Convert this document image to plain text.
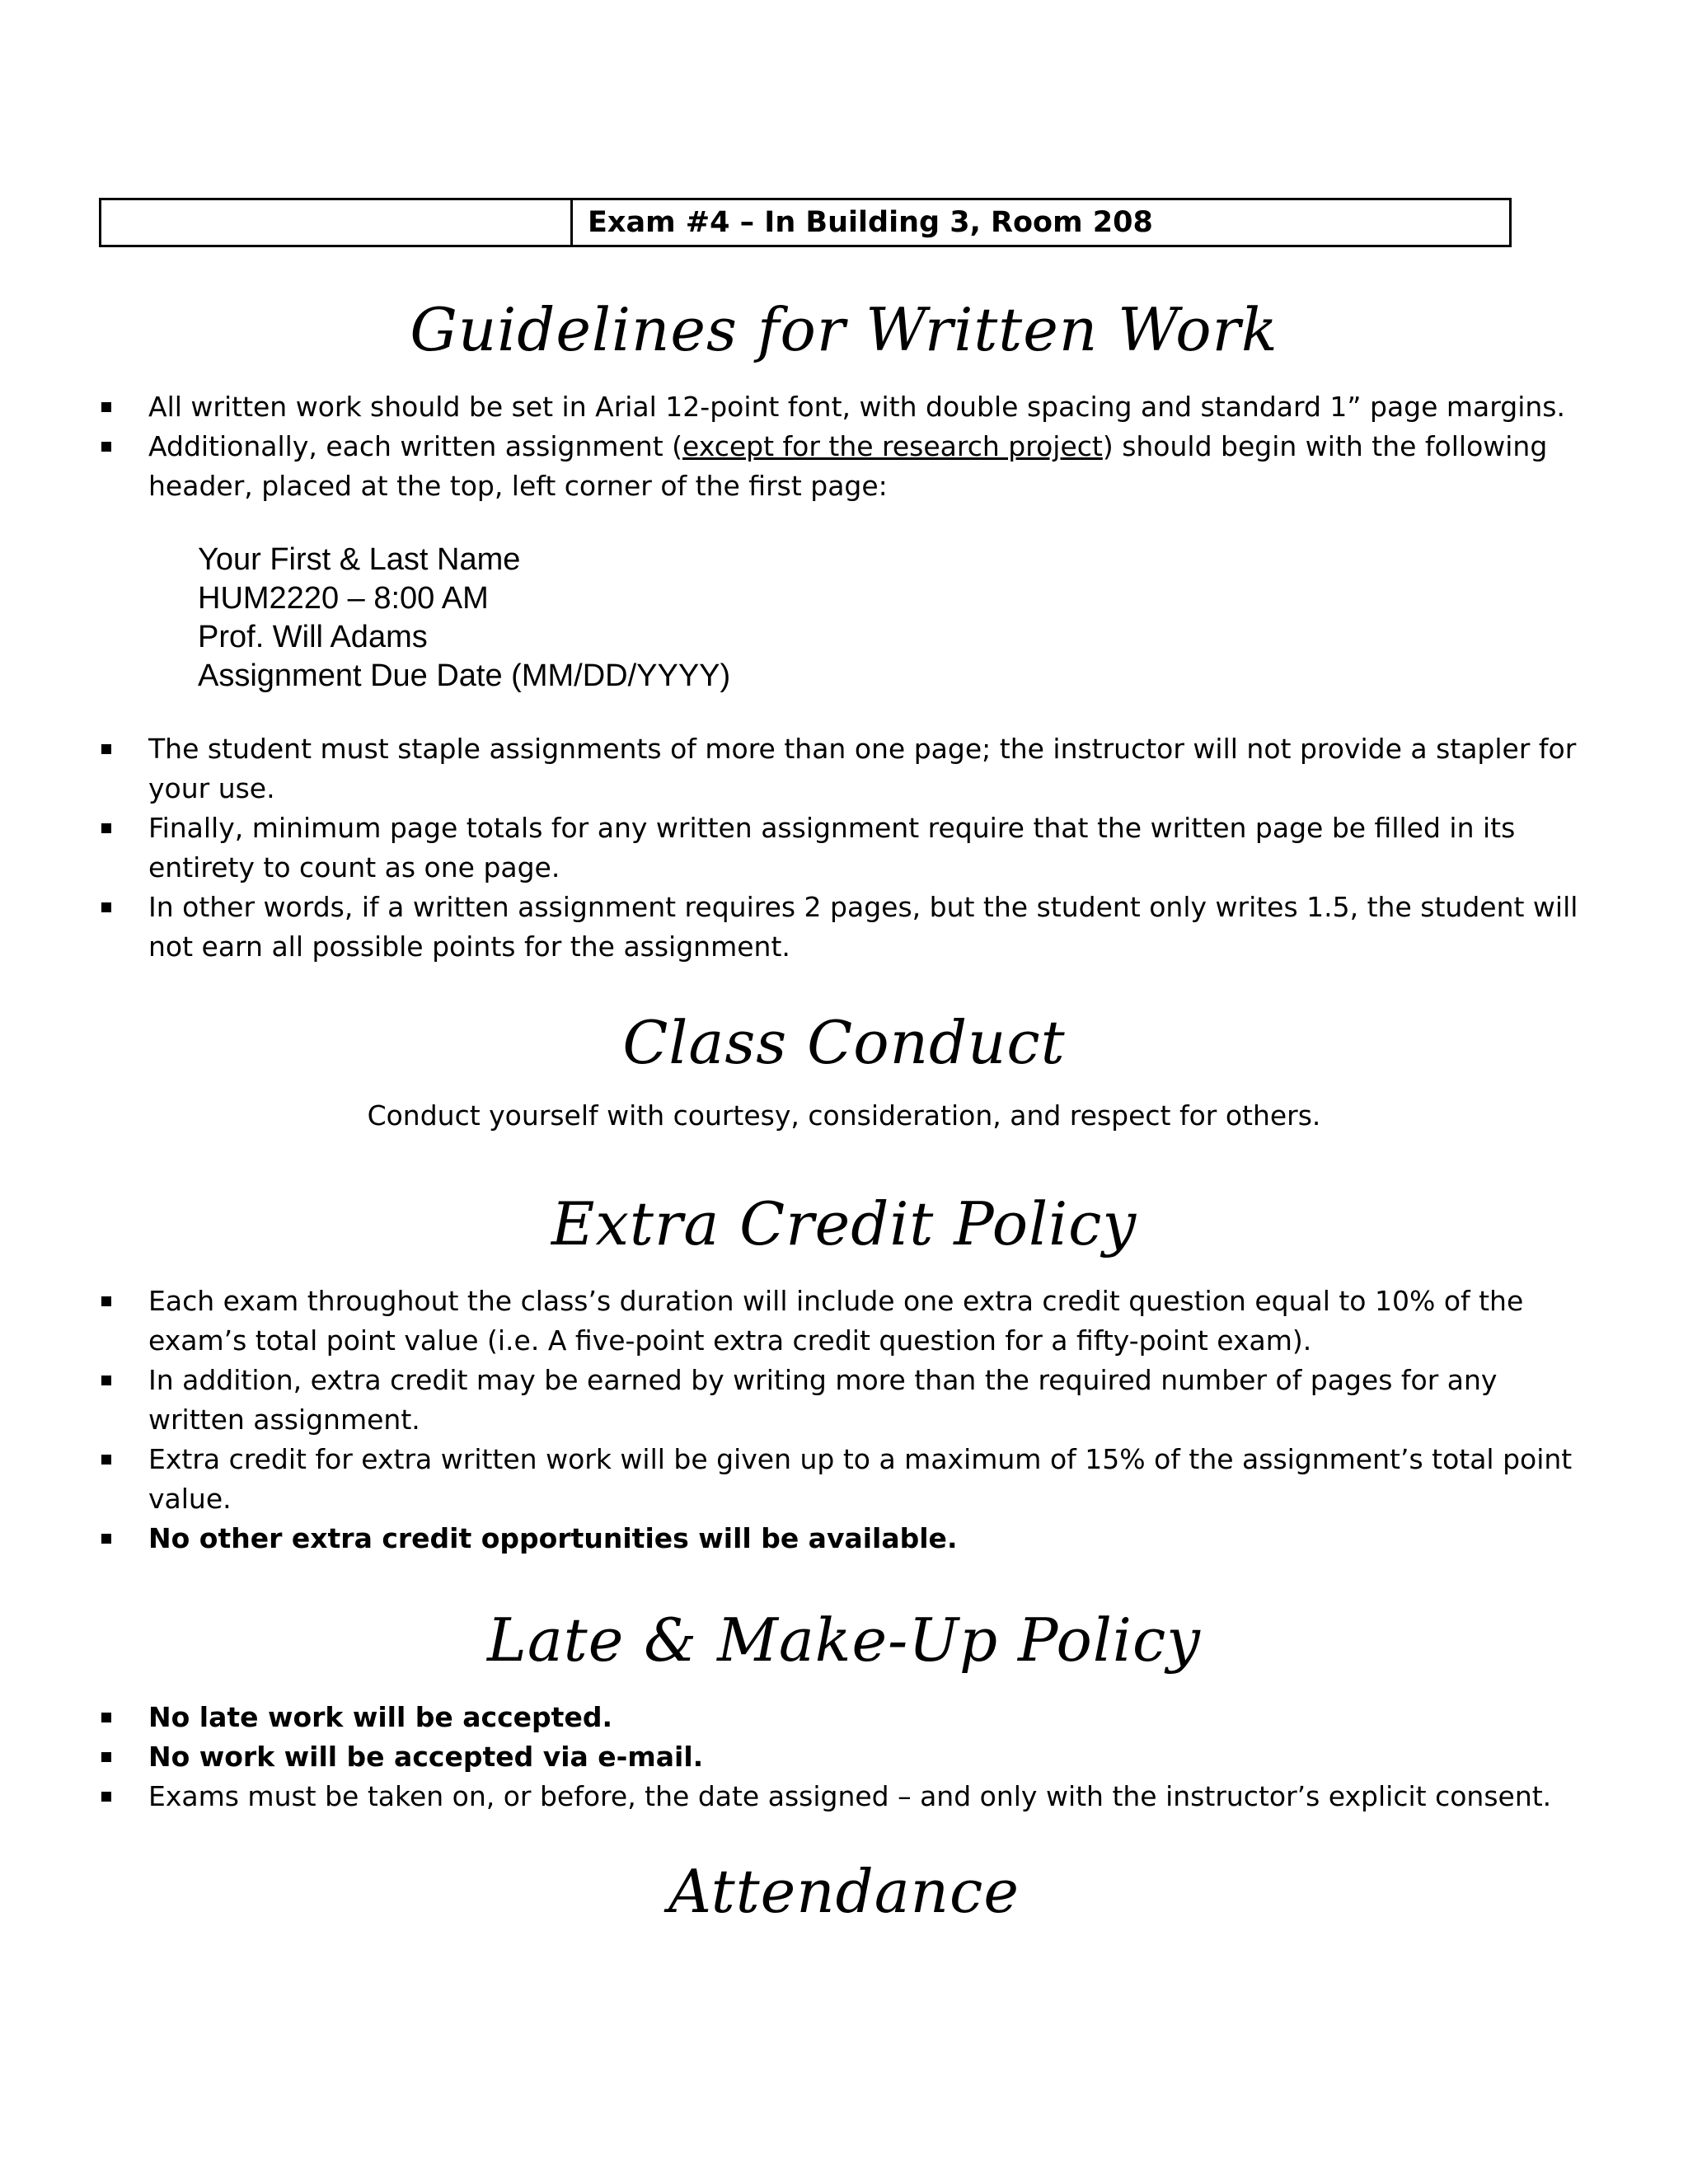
Exam #4 – In Building 3, Room 208
Guidelines for Written Work
All written work should be set in Arial 12-point font, with double spacing and standard 1” page margins.
Additionally, each written assignment (except for the research project) should begin with the following header, placed at the top, left corner of the first page:
Your First & Last Name
HUM2220 – 8:00 AM
Prof. Will Adams
Assignment Due Date (MM/DD/YYYY)
The student must staple assignments of more than one page; the instructor will not provide a stapler for your use.
Finally, minimum page totals for any written assignment require that the written page be filled in its entirety to count as one page.
In other words, if a written assignment requires 2 pages, but the student only writes 1.5, the student will not earn all possible points for the assignment.
Class Conduct
Conduct yourself with courtesy, consideration, and respect for others.
Extra Credit Policy
Each exam throughout the class’s duration will include one extra credit question equal to 10% of the exam’s total point value (i.e. A five-point extra credit question for a fifty-point exam).
In addition, extra credit may be earned by writing more than the required number of pages for any written assignment.
Extra credit for extra written work will be given up to a maximum of 15% of the assignment’s total point value.
No other extra credit opportunities will be available.
Late & Make-Up Policy
No late work will be accepted.
No work will be accepted via e-mail.
Exams must be taken on, or before, the date assigned – and only with the instructor’s explicit consent.
Attendance
